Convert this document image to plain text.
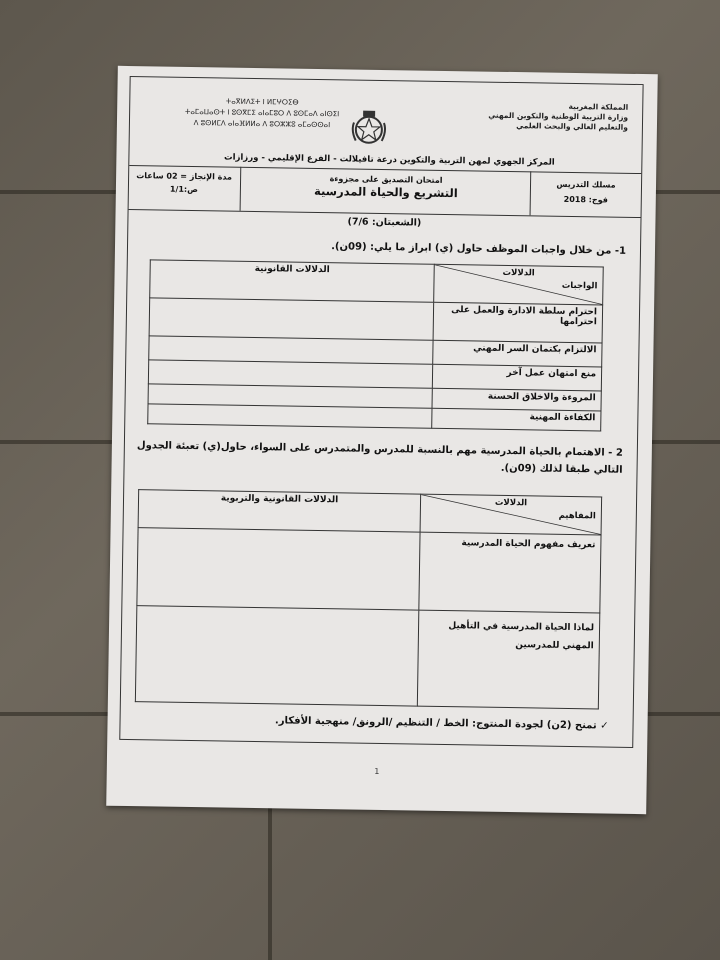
ⵜⴰⴳⵍⴷⵉⵜ ⵏ ⵍⵎⵖⵔⵉⴱ
ⵜⴰⵎⴰⵡⴰⵙⵜ ⵏ ⵓⵙⴳⵎⵉ ⴰⵏⴰⵎⵓⵔ ⴷ ⵓⵙⵎⴰⴷ ⴰⵏⵙⵉⵏ
ⴷ ⵓⵙⵍⵎⴷ ⴰⵏⴰⴼⵍⵍⴰ ⴷ ⵓⵔⵣⵣⵓ ⴰⵎⴰⵙⵙⴰⵏ
المملكة المغربية
وزارة التربية الوطنية والتكوين المهني
والتعليم العالي والبحث العلمي
المركز الجهوي لمهن التربية والتكوين درعة تافيلالت - الفرع الإقليمي - ورزازات
مسلك التدريس
فوج: 2018
امتحان التصديق على مجزوءة
التشريع والحياة المدرسية
مدة الإنجاز = 02 ساعات
ص:1/1
(الشعبتان: 7/6)
1- من خلال واجبات الموظف حاول (ي) ابراز ما يلي: (09ن).
الدلالات
الواجبات	الدلالات القانونية
احترام سلطة الادارة والعمل على احترامها	
الالتزام بكتمان السر المهني	
منع امتهان عمل آخر	
المروءة والاخلاق الحسنة	
الكفاءة المهنية	
2 - الاهتمام بالحياة المدرسية مهم بالنسبة للمدرس والمتمدرس على السواء، حاول(ي) تعبئة الجدول
التالي طبقا لذلك (09ن).
الدلالات
المفاهيم	الدلالات القانونية والتربوية
تعريف مفهوم الحياة المدرسية	
لماذا الحياة المدرسية في التأهيل المهني للمدرسين	
✓ تمنح (2ن) لجودة المنتوج: الخط / التنظيم /الرونق/ منهجية الأفكار.
1
